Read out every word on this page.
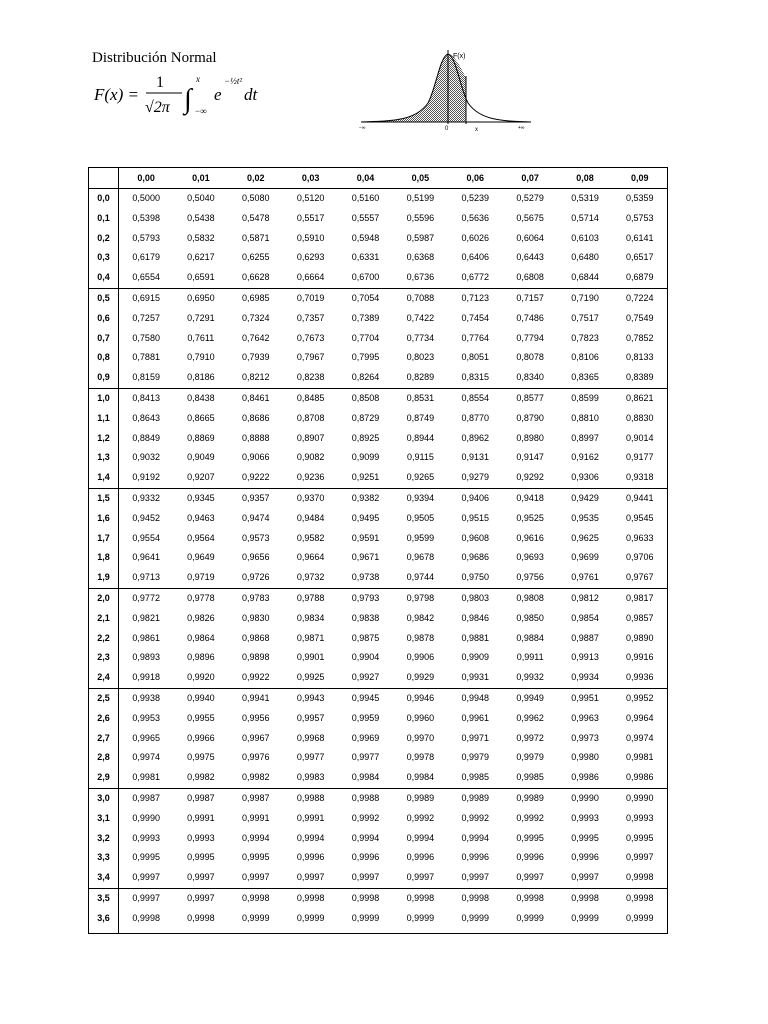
Distribución Normal
F(x) =
1
√2π ∫
x
−∞
e
−½t²
dt
F(x)
−∞	0	x	+∞
	0,00	0,01	0,02	0,03	0,04	0,05	0,06	0,07	0,08	0,09
0,0	0,5000	0,5040	0,5080	0,5120	0,5160	0,5199	0,5239	0,5279	0,5319	0,5359
0,1	0,5398	0,5438	0,5478	0,5517	0,5557	0,5596	0,5636	0,5675	0,5714	0,5753
0,2	0,5793	0,5832	0,5871	0,5910	0,5948	0,5987	0,6026	0,6064	0,6103	0,6141
0,3	0,6179	0,6217	0,6255	0,6293	0,6331	0,6368	0,6406	0,6443	0,6480	0,6517
0,4	0,6554	0,6591	0,6628	0,6664	0,6700	0,6736	0,6772	0,6808	0,6844	0,6879
0,5	0,6915	0,6950	0,6985	0,7019	0,7054	0,7088	0,7123	0,7157	0,7190	0,7224
0,6	0,7257	0,7291	0,7324	0,7357	0,7389	0,7422	0,7454	0,7486	0,7517	0,7549
0,7	0,7580	0,7611	0,7642	0,7673	0,7704	0,7734	0,7764	0,7794	0,7823	0,7852
0,8	0,7881	0,7910	0,7939	0,7967	0,7995	0,8023	0,8051	0,8078	0,8106	0,8133
0,9	0,8159	0,8186	0,8212	0,8238	0,8264	0,8289	0,8315	0,8340	0,8365	0,8389
1,0	0,8413	0,8438	0,8461	0,8485	0,8508	0,8531	0,8554	0,8577	0,8599	0,8621
1,1	0,8643	0,8665	0,8686	0,8708	0,8729	0,8749	0,8770	0,8790	0,8810	0,8830
1,2	0,8849	0,8869	0,8888	0,8907	0,8925	0,8944	0,8962	0,8980	0,8997	0,9014
1,3	0,9032	0,9049	0,9066	0,9082	0,9099	0,9115	0,9131	0,9147	0,9162	0,9177
1,4	0,9192	0,9207	0,9222	0,9236	0,9251	0,9265	0,9279	0,9292	0,9306	0,9318
1,5	0,9332	0,9345	0,9357	0,9370	0,9382	0,9394	0,9406	0,9418	0,9429	0,9441
1,6	0,9452	0,9463	0,9474	0,9484	0,9495	0,9505	0,9515	0,9525	0,9535	0,9545
1,7	0,9554	0,9564	0,9573	0,9582	0,9591	0,9599	0,9608	0,9616	0,9625	0,9633
1,8	0,9641	0,9649	0,9656	0,9664	0,9671	0,9678	0,9686	0,9693	0,9699	0,9706
1,9	0,9713	0,9719	0,9726	0,9732	0,9738	0,9744	0,9750	0,9756	0,9761	0,9767
2,0	0,9772	0,9778	0,9783	0,9788	0,9793	0,9798	0,9803	0,9808	0,9812	0,9817
2,1	0,9821	0,9826	0,9830	0,9834	0,9838	0,9842	0,9846	0,9850	0,9854	0,9857
2,2	0,9861	0,9864	0,9868	0,9871	0,9875	0,9878	0,9881	0,9884	0,9887	0,9890
2,3	0,9893	0,9896	0,9898	0,9901	0,9904	0,9906	0,9909	0,9911	0,9913	0,9916
2,4	0,9918	0,9920	0,9922	0,9925	0,9927	0,9929	0,9931	0,9932	0,9934	0,9936
2,5	0,9938	0,9940	0,9941	0,9943	0,9945	0,9946	0,9948	0,9949	0,9951	0,9952
2,6	0,9953	0,9955	0,9956	0,9957	0,9959	0,9960	0,9961	0,9962	0,9963	0,9964
2,7	0,9965	0,9966	0,9967	0,9968	0,9969	0,9970	0,9971	0,9972	0,9973	0,9974
2,8	0,9974	0,9975	0,9976	0,9977	0,9977	0,9978	0,9979	0,9979	0,9980	0,9981
2,9	0,9981	0,9982	0,9982	0,9983	0,9984	0,9984	0,9985	0,9985	0,9986	0,9986
3,0	0,9987	0,9987	0,9987	0,9988	0,9988	0,9989	0,9989	0,9989	0,9990	0,9990
3,1	0,9990	0,9991	0,9991	0,9991	0,9992	0,9992	0,9992	0,9992	0,9993	0,9993
3,2	0,9993	0,9993	0,9994	0,9994	0,9994	0,9994	0,9994	0,9995	0,9995	0,9995
3,3	0,9995	0,9995	0,9995	0,9996	0,9996	0,9996	0,9996	0,9996	0,9996	0,9997
3,4	0,9997	0,9997	0,9997	0,9997	0,9997	0,9997	0,9997	0,9997	0,9997	0,9998
3,5	0,9997	0,9997	0,9998	0,9998	0,9998	0,9998	0,9998	0,9998	0,9998	0,9998
3,6	0,9998	0,9998	0,9999	0,9999	0,9999	0,9999	0,9999	0,9999	0,9999	0,9999
